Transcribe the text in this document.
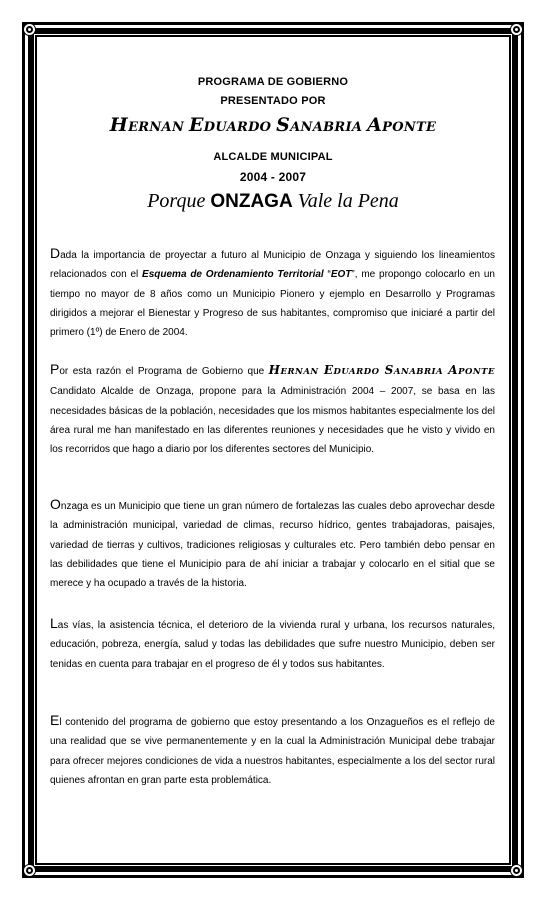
PROGRAMA DE GOBIERNO
PRESENTADO POR
HERNAN EDUARDO SANABRIA APONTE
ALCALDE MUNICIPAL
2004 - 2007
Porque ONZAGA Vale la Pena
Dada la importancia de proyectar a futuro al Municipio de Onzaga y siguiendo los lineamientos relacionados con el Esquema de Ordenamiento Territorial “EOT”, me propongo colocarlo en un tiempo no mayor de 8 años como un Municipio Pionero y ejemplo en Desarrollo y Programas dirigidos a mejorar el Bienestar y Progreso de sus habitantes, compromiso que iniciaré a partir del primero (1º) de Enero de 2004.
Por esta razón el Programa de Gobierno que HERNAN EDUARDO SANABRIA APONTE Candidato Alcalde de Onzaga, propone para la Administración 2004 – 2007, se basa en las necesidades básicas de la población, necesidades que los mismos habitantes especialmente los del área rural me han manifestado en las diferentes reuniones y necesidades que he visto y vivido en los recorridos que hago a diario por los diferentes sectores del Municipio.
Onzaga es un Municipio que tiene un gran número de fortalezas las cuales debo aprovechar desde la administración municipal, variedad de climas, recurso hídrico, gentes trabajadoras, paisajes, variedad de tierras y cultivos, tradiciones religiosas y culturales etc. Pero también debo pensar en las debilidades que tiene el Municipio para de ahí iniciar a trabajar y colocarlo en el sitial que se merece y ha ocupado a través de la historia.
Las vías, la asistencia técnica, el deterioro de la vivienda rural y urbana, los recursos naturales, educación, pobreza, energía, salud y todas las debilidades que sufre nuestro Municipio, deben ser tenidas en cuenta para trabajar en el progreso de él y todos sus habitantes.
El contenido del programa de gobierno que estoy presentando a los Onzagueños es el reflejo de una realidad que se vive permanentemente y en la cual la Administración Municipal debe trabajar para ofrecer mejores condiciones de vida a nuestros habitantes, especialmente a los del sector rural quienes afrontan en gran parte esta problemática.
